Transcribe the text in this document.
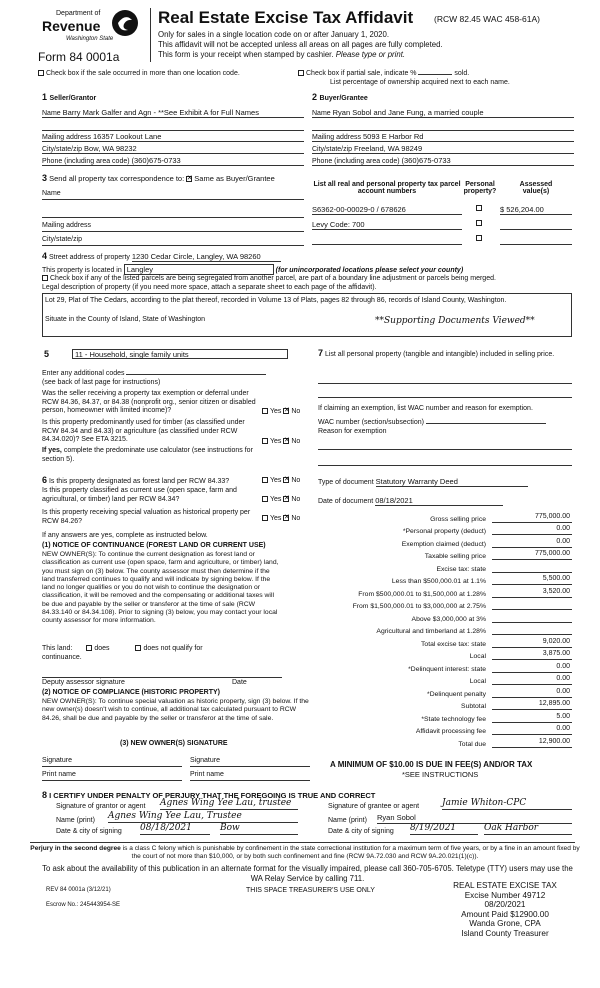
Department of
Revenue
Washington State
Form 84 0001a
Real Estate Excise Tax Affidavit (RCW 82.45 WAC 458-61A)
Only for sales in a single location code on or after January 1, 2020.
This affidavit will not be accepted unless all areas on all pages are fully completed.
This form is your receipt when stamped by cashier. Please type or print.
Check box if the sale occurred in more than one location code.	Check box if partial sale, indicate %	sold.
List percentage of ownership acquired next to each name.
1 Seller/Grantor	2 Buyer/Grantee
Name Barry Mark Galfer and Agn - **See Exhibit A for Full Names	Name Ryan Sobol and Jane Fung, a married couple
Mailing address 16357 Lookout Lane
City/state/zip Bow, WA 98232
Phone (including area code) (360)675-0733
Mailing address 5093 E Harbor Rd
City/state/zip Freeland, WA 98249
Phone (including area code) (360)675-0733
3 Send all property tax correspondence to: ✕ Same as Buyer/Grantee
Name
Mailing address
City/state/zip
List all real and personal property tax parcel account numbers
Personal property?
Assessed value(s)
S6362-00-00029-0 / 678626	$ 526,204.00
Levy Code: 700
4 Street address of property 1230 Cedar Circle, Langley, WA 98260
This property is located in Langley	(for unincorporated locations please select your county)
Check box if any of the listed parcels are being segregated from another parcel, are part of a boundary line adjustment or parcels being merged.
Legal description of property (if you need more space, attach a separate sheet to each page of the affidavit).
Lot 29, Plat of The Cedars, according to the plat thereof, recorded in Volume 13 of Plats, pages 82 through 86, records of Island County, Washington.
Situate in the County of Island, State of Washington	**Supporting Documents Viewed**
5	11 - Household, single family units
Enter any additional codes
(see back of last page for instructions)
Was the seller receiving a property tax exemption or deferral under RCW 84.36, 84.37, or 84.38 (nonprofit org., senior citizen or disabled person, homeowner with limited income)?	Yes ✕ No
Is this property predominantly used for timber (as classified under RCW 84.34 and 84.33) or agriculture (as classified under RCW 84.34.020)? See ETA 3215.	Yes ✕ No
If yes, complete the predominate use calculator (see instructions for section 5).
7 List all personal property (tangible and intangible) included in selling price.
If claiming an exemption, list WAC number and reason for exemption.
WAC number (section/subsection)
Reason for exemption
6 Is this property designated as forest land per RCW 84.33?	Yes ✕ No
Is this property classified as current use (open space, farm and agricultural, or timber) land per RCW 84.34?	Yes ✕ No
Is this property receiving special valuation as historical property per RCW 84.26?	Yes ✕ No
If any answers are yes, complete as instructed below.
(1) NOTICE OF CONTINUANCE (FOREST LAND OR CURRENT USE)
NEW OWNER(S): To continue the current designation as forest land or classification as current use (open space, farm and agriculture, or timber) land, you must sign on (3) below. The county assessor must then determine if the land transferred continues to qualify and will indicate by signing below. If the land no longer qualifies or you do not wish to continue the designation or classification, it will be removed and the compensating or additional taxes will be due and payable by the seller or transferor at the time of sale (RCW 84.33.140 or 84.34.108). Prior to signing (3) below, you may contact your local county assessor for more information.
This land:	does	does not qualify for
continuance.
Deputy assessor signature	Date
(2) NOTICE OF COMPLIANCE (HISTORIC PROPERTY)
NEW OWNER(S): To continue special valuation as historic property, sign (3) below. If the new owner(s) doesn't wish to continue, all additional tax calculated pursuant to RCW 84.26, shall be due and payable by the seller or transferor at the time of sale.
(3) NEW OWNER(S) SIGNATURE
Signature	Signature
Print name	Print name
Type of document Statutory Warranty Deed
Date of document 08/18/2021
Gross selling price	775,000.00
*Personal property (deduct)	0.00
Exemption claimed (deduct)	0.00
Taxable selling price	775,000.00
Excise tax: state
Less than $500,000.01 at 1.1%	5,500.00
From $500,000.01 to $1,500,000 at 1.28%	3,520.00
From $1,500,000.01 to $3,000,000 at 2.75%
Above $3,000,000 at 3%
Agricultural and timberland at 1.28%
Total excise tax: state	9,020.00
Local	3,875.00
*Delinquent interest: state	0.00
Local	0.00
*Delinquent penalty	0.00
Subtotal	12,895.00
*State technology fee	5.00
Affidavit processing fee	0.00
Total due	12,900.00
A MINIMUM OF $10.00 IS DUE IN FEE(S) AND/OR TAX
*SEE INSTRUCTIONS
8 I CERTIFY UNDER PENALTY OF PERJURY THAT THE FOREGOING IS TRUE AND CORRECT
Signature of grantor or agent Agnes Wing Yee Lau, trustee
Name (print) Agnes Wing Yee Lau, Trustee
Date & city of signing 08/18/2021	Bow
Signature of grantee or agent	Jamie Whiton-CPC
Name (print) Ryan Sobol
Date & city of signing 8/19/2021	Oak Harbor
Perjury in the second degree is a class C felony which is punishable by confinement in the state correctional institution for a maximum term of five years, or by a fine in an amount fixed by the court of not more than $10,000, or by both such confinement and fine (RCW 9A.72.030 and RCW 9A.20.021(1)(c)).
To ask about the availability of this publication in an alternate format for the visually impaired, please call 360-705-6705. Teletype (TTY) users may use the WA Relay Service by calling 711.
REV 84 0001a (3/12/21)	THIS SPACE TREASURER'S USE ONLY
Escrow No.: 245443954-SE
REAL ESTATE EXCISE TAX
Excise Number 49712
08/20/2021
Amount Paid $12900.00
Wanda Grone, CPA
Island County Treasurer
